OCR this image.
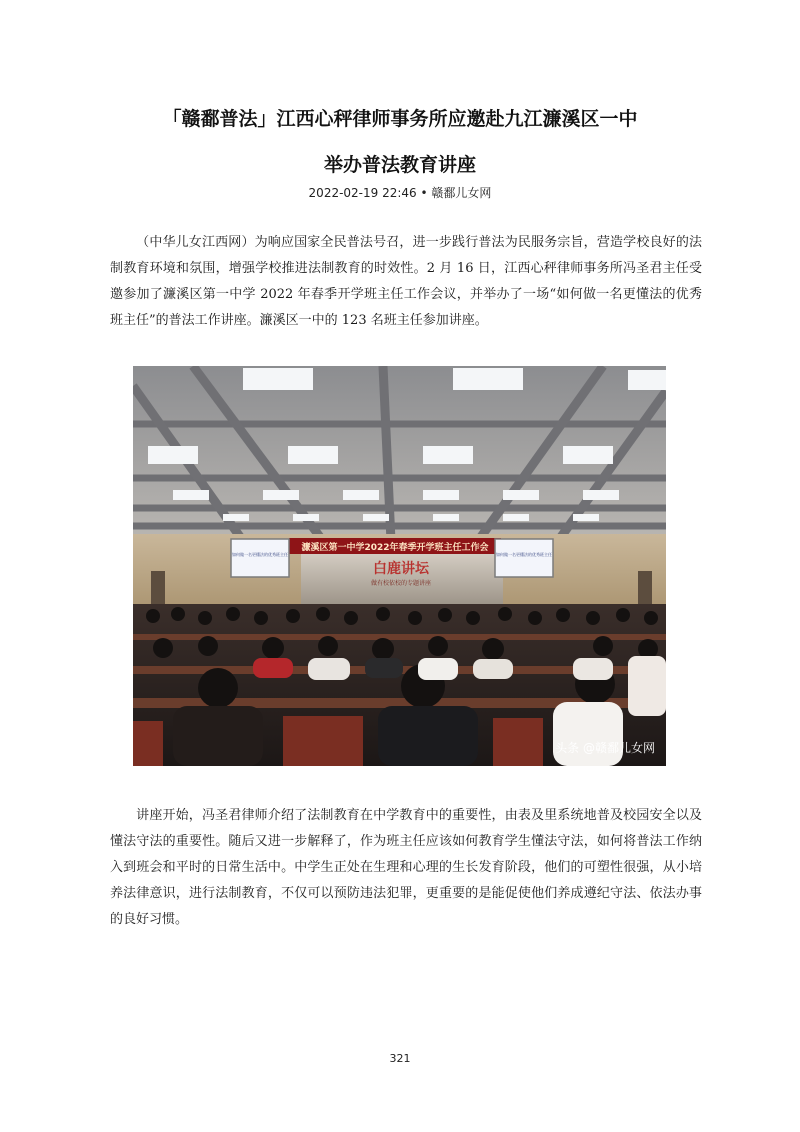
「赣鄱普法」江西心秤律师事务所应邀赴九江濂溪区一中
举办普法教育讲座
2022-02-19 22:46 • 赣鄱儿女网

（中华儿女江西网）为响应国家全民普法号召，进一步践行普法为民服务宗旨，营造学校良好的法制教育环境和氛围，增强学校推进法制教育的时效性。2 月 16 日，江西心秤律师事务所冯圣君主任受邀参加了濂溪区第一中学 2022 年春季开学班主任工作会议，并举办了一场“如何做一名更懂法的优秀班主任”的普法工作讲座。濂溪区一中的 123 名班主任参加讲座。

濂溪区第一中学2022年春季开学班主任工作会
白鹿讲坛
做有校依校的专题讲座
如何做一名更懂法的优秀班主任	如何做一名更懂法的优秀班主任
头条 @赣鄱儿女网

讲座开始，冯圣君律师介绍了法制教育在中学教育中的重要性，由表及里系统地普及校园安全以及懂法守法的重要性。随后又进一步解释了，作为班主任应该如何教育学生懂法守法，如何将普法工作纳入到班会和平时的日常生活中。中学生正处在生理和心理的生长发育阶段，他们的可塑性很强，从小培养法律意识，进行法制教育，不仅可以预防违法犯罪，更重要的是能促使他们养成遵纪守法、依法办事的良好习惯。

321
